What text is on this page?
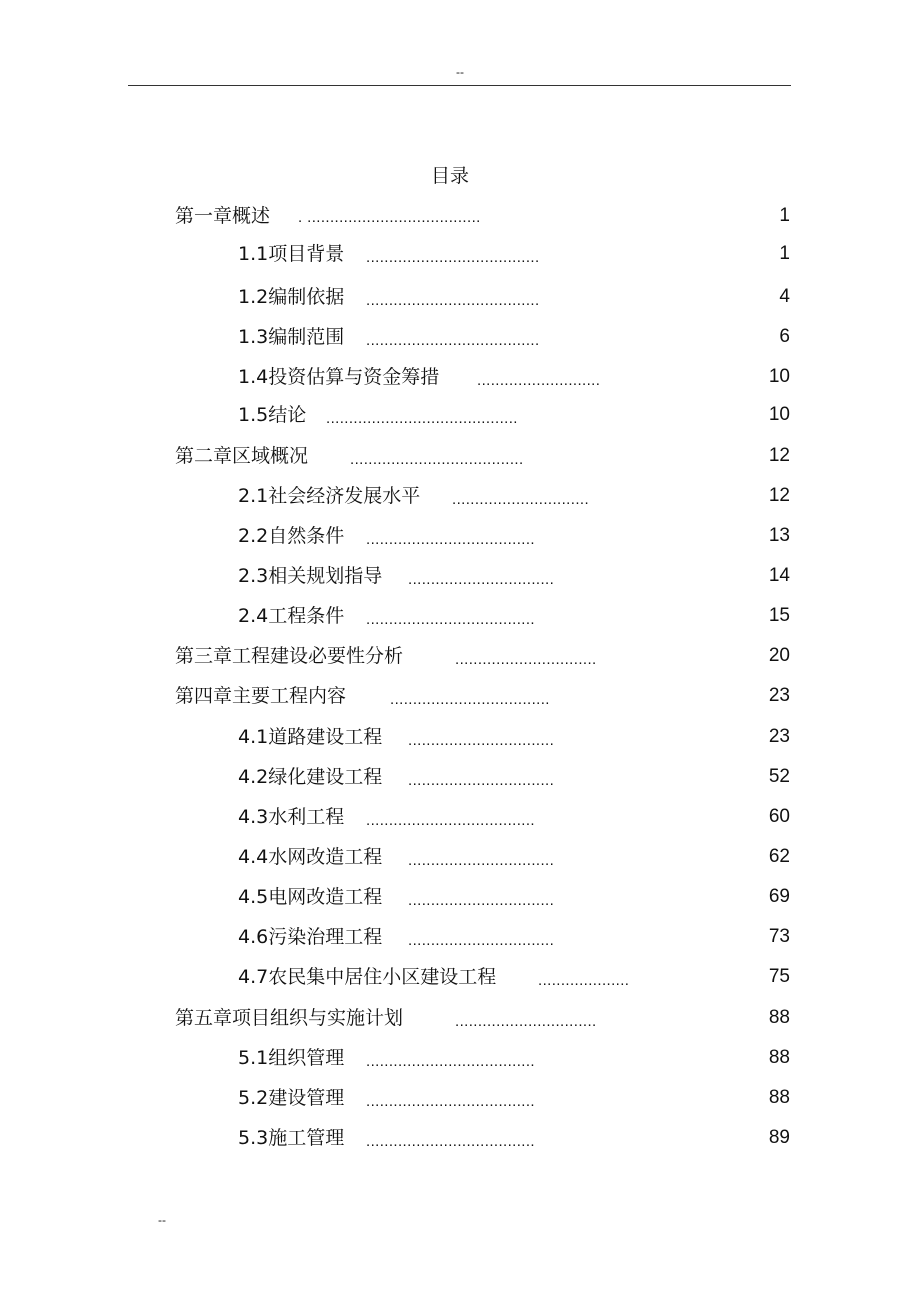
--
目录
第一章概述 . ......................................	1
1.1项目背景 ......................................	1
1.2编制依据 ......................................	4
1.3编制范围 ......................................	6
1.4投资估算与资金筹措	...........................	10
1.5结论 ..........................................	10
第二章区域概况	......................................	12
2.1社会经济发展水平 ..............................	12
2.2自然条件 .....................................	13
2.3相关规划指导 ................................	14
2.4工程条件 .....................................	15
第三章工程建设必要性分析	...............................	20
第四章主要工程内容	...................................	23
4.1道路建设工程 ................................	23
4.2绿化建设工程 ................................	52
4.3水利工程 .....................................	60
4.4水网改造工程 ................................	62
4.5电网改造工程 ................................	69
4.6污染治理工程 ................................	73
4.7农民集中居住小区建设工程	....................	75
第五章项目组织与实施计划	...............................	88
5.1组织管理 .....................................	88
5.2建设管理 .....................................	88
5.3施工管理 .....................................	89
--
